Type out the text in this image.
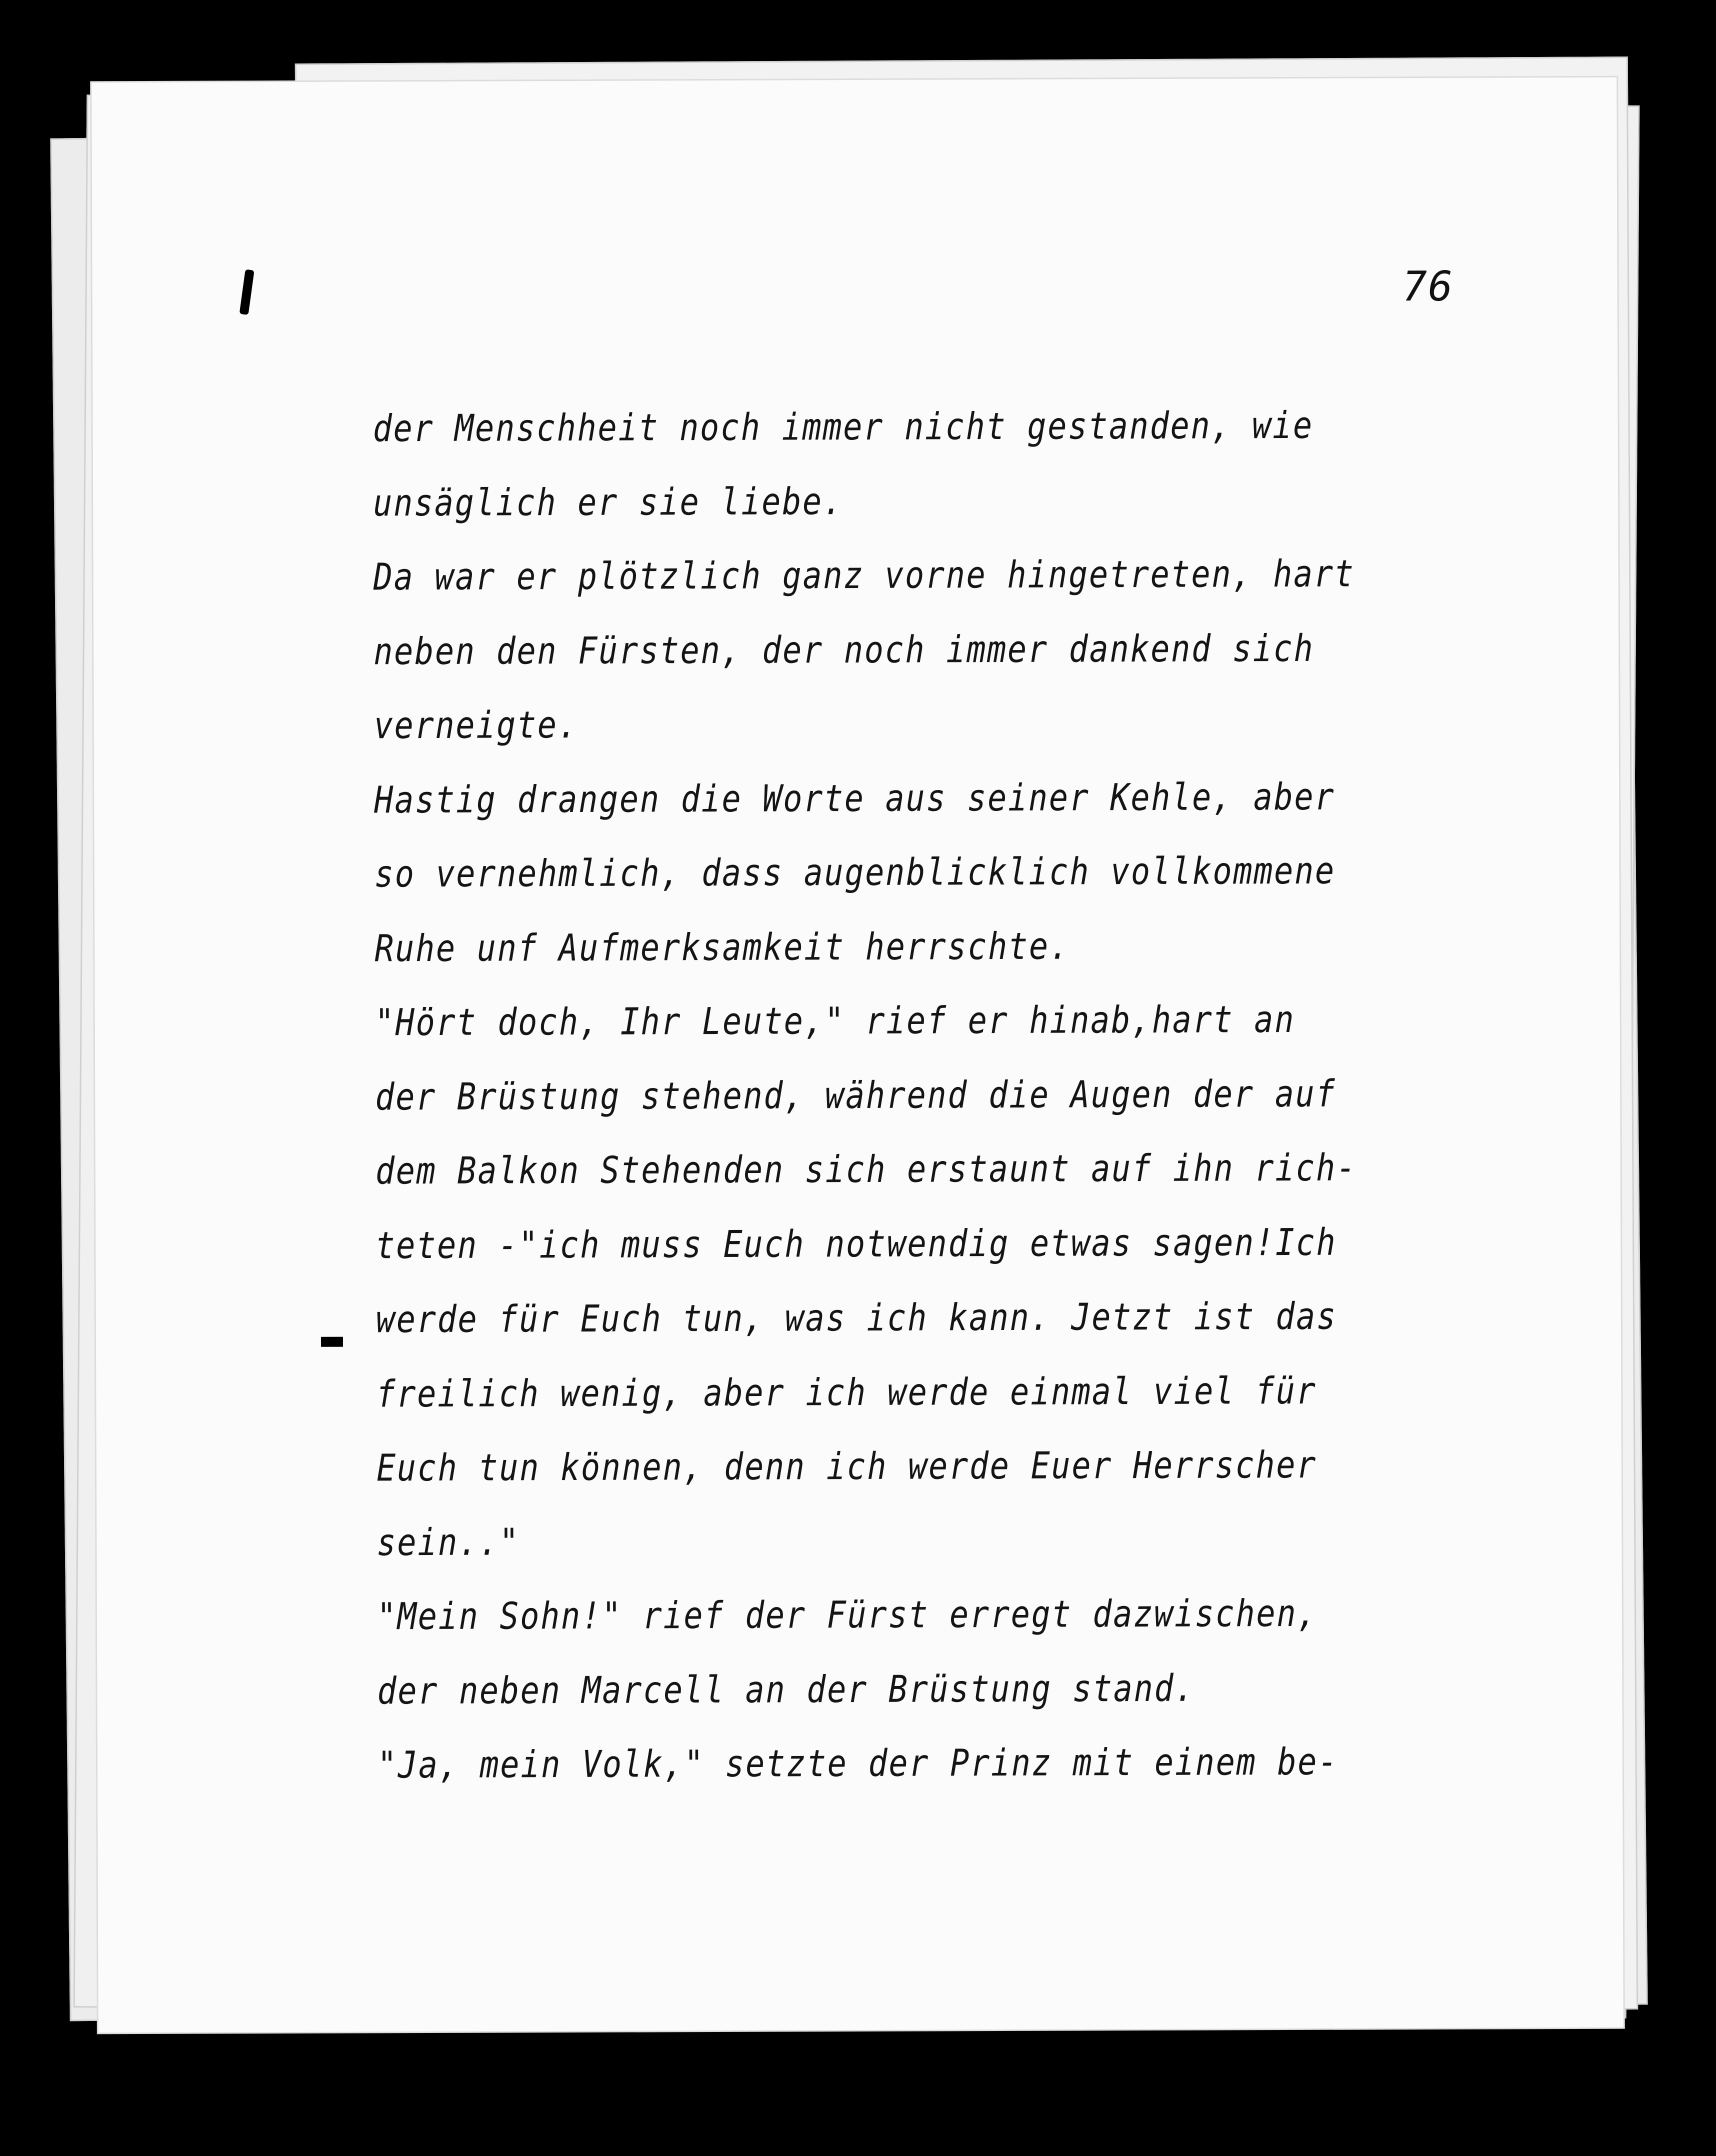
76
der Menschheit noch immer nicht gestanden, wie
unsäglich er sie liebe.
Da war er plötzlich ganz vorne hingetreten, hart
neben den Fürsten, der noch immer dankend sich
verneigte.
Hastig drangen die Worte aus seiner Kehle, aber
so vernehmlich, dass augenblicklich vollkommene
Ruhe unf Aufmerksamkeit herrschte.
"Hört doch, Ihr Leute," rief er hinab,hart an
der Brüstung stehend, während die Augen der auf
dem Balkon Stehenden sich erstaunt auf ihn rich-
teten -"ich muss Euch notwendig etwas sagen!Ich
werde für Euch tun, was ich kann. Jetzt ist das
freilich wenig, aber ich werde einmal viel für
Euch tun können, denn ich werde Euer Herrscher
sein.."
"Mein Sohn!" rief der Fürst erregt dazwischen,
der neben Marcell an der Brüstung stand.
"Ja, mein Volk," setzte der Prinz mit einem be-
